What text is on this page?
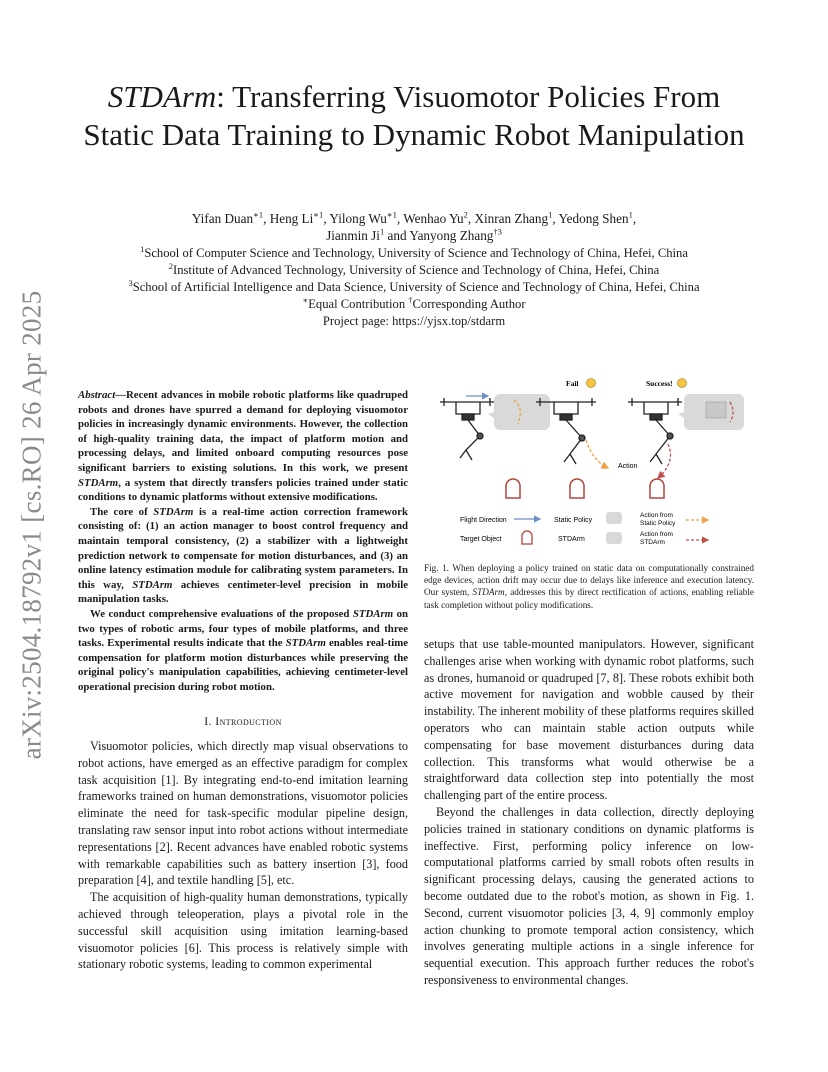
arXiv:2504.18792v1 [cs.RO] 26 Apr 2025
STDArm: Transferring Visuomotor Policies From Static Data Training to Dynamic Robot Manipulation
Yifan Duan$^{∗1}$, Heng $Li^{∗1}$, Yilong $Wu^{∗1}$, Wenhao Yu$^2$, Xinran Zhang$^1$, Yedong Shen$^1$,
Jianmin Ji$^1$ and Yanyong Zhang$^{\dagger 3}$
$^1$School of Computer Science and Technology, University of Science and Technology of China, Hefei, China
$^2$Institute of Advanced Technology, University of Science and Technology of China, Hefei, China
$^3$School of Artificial Intelligence and Data Science, University of Science and Technology of China, Hefei, China
∗Equal Contribution †Corresponding Author
Project page: https://yjsx.top/stdarm

Abstract—Recent advances in mobile robotic platforms like quadruped robots and drones have spurred a demand for deploying visuomotor policies in increasingly dynamic environments. However, the collection of high-quality training data, the impact of platform motion and processing delays, and limited onboard computing resources pose significant barriers to existing solutions. In this work, we present STDArm, a system that directly transfers policies trained under static conditions to dynamic platforms without extensive modifications.

The core of STDArm is a real-time action correction framework consisting of: (1) an action manager to boost control frequency and maintain temporal consistency, (2) a stabilizer with a lightweight prediction network to compensate for motion disturbances, and (3) an online latency estimation module for calibrating system parameters. In this way, STDArm achieves centimeter-level precision in mobile manipulation tasks.

We conduct comprehensive evaluations of the proposed STDArm on two types of robotic arms, four types of mobile platforms, and three tasks. Experimental results indicate that the STDArm enables real-time compensation for platform motion disturbances while preserving the original policy's manipulation capabilities, achieving centimeter-level operational precision during robot motion.

I. Introduction

Visuomotor policies, which directly map visual observations to robot actions, have emerged as an effective paradigm for complex task acquisition [1]. By integrating end-to-end imitation learning frameworks trained on human demonstrations, visuomotor policies eliminate the need for task-specific modular pipeline design, translating raw sensor input into robot actions without intermediate representations [2]. Recent advances have enabled robotic systems with remarkable capabilities such as battery insertion [3], food preparation [4], and textile handling [5], etc.

The acquisition of high-quality human demonstrations, typically achieved through teleoperation, plays a pivotal role in the successful skill acquisition using imitation learning-based visuomotor policies [6]. This process is relatively simple with stationary robotic systems, leading to common experimental

setups that use table-mounted manipulators. However, significant challenges arise when working with dynamic robot platforms, such as drones, humanoid or quadruped [7, 8]. These robots exhibit both active movement for navigation and wobble caused by their instability. The inherent mobility of these platforms requires skilled operators who can maintain stable action outputs while compensating for base movement disturbances during data collection. This transforms what would otherwise be a straightforward data collection step into potentially the most challenging part of the entire process.

Beyond the challenges in data collection, directly deploying policies trained in stationary conditions on dynamic platforms is ineffective. First, performing policy inference on low-computational platforms carried by small robots often results in significant processing delays, causing the generated actions to become outdated due to the robot's motion, as shown in Fig. 1. Second, current visuomotor policies [3, 4, 9] commonly employ action chunking to promote temporal action consistency, which involves generating multiple actions in a single inference for sequential execution. This approach further reduces the robot's responsiveness to environmental changes.

Fail	Success!
Action
Flight Direction	Static Policy
Action from
Static Policy
Target Object	STDArm
Action from
STDArm
Fig. 1. When deploying a policy trained on static data on computationally constrained edge devices, action drift may occur due to delays like inference and execution latency. Our system, STDArm, addresses this by direct rectification of actions, enabling reliable task completion without policy modifications.
